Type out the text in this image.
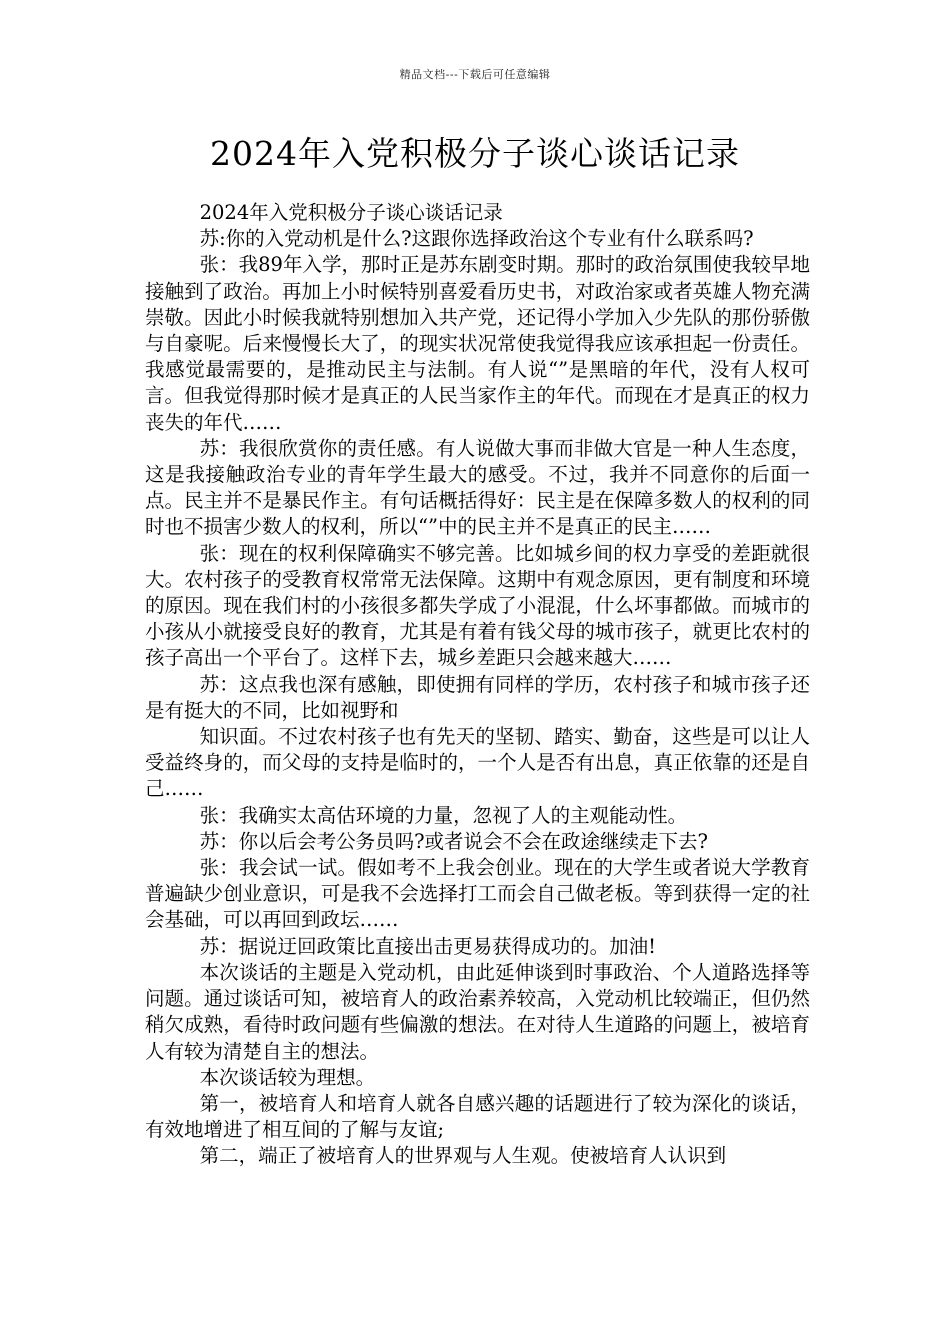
精品文档---下载后可任意编辑
2024年入党积极分子谈心谈话记录

2024年入党积极分子谈心谈话记录

苏:你的入党动机是什么?这跟你选择政治这个专业有什么联系吗?

张：我89年入学，那时正是苏东剧变时期。那时的政治氛围使我较早地接触到了政治。再加上小时候特别喜爱看历史书，对政治家或者英雄人物充满崇敬。因此小时候我就特别想加入共产党，还记得小学加入少先队的那份骄傲与自豪呢。后来慢慢长大了，的现实状况常使我觉得我应该承担起一份责任。我感觉最需要的，是推动民主与法制。有人说“”是黑暗的年代，没有人权可言。但我觉得那时候才是真正的人民当家作主的年代。而现在才是真正的权力丧失的年代……

苏：我很欣赏你的责任感。有人说做大事而非做大官是一种人生态度，这是我接触政治专业的青年学生最大的感受。不过，我并不同意你的后面一点。民主并不是暴民作主。有句话概括得好：民主是在保障多数人的权利的同时也不损害少数人的权利，所以“”中的民主并不是真正的民主……

张：现在的权利保障确实不够完善。比如城乡间的权力享受的差距就很大。农村孩子的受教育权常常无法保障。这期中有观念原因，更有制度和环境的原因。现在我们村的小孩很多都失学成了小混混，什么坏事都做。而城市的小孩从小就接受良好的教育，尤其是有着有钱父母的城市孩子，就更比农村的孩子高出一个平台了。这样下去，城乡差距只会越来越大……

苏：这点我也深有感触，即使拥有同样的学历，农村孩子和城市孩子还是有挺大的不同，比如视野和

知识面。不过农村孩子也有先天的坚韧、踏实、勤奋，这些是可以让人受益终身的，而父母的支持是临时的，一个人是否有出息，真正依靠的还是自己……

张：我确实太高估环境的力量，忽视了人的主观能动性。

苏：你以后会考公务员吗?或者说会不会在政途继续走下去?

张：我会试一试。假如考不上我会创业。现在的大学生或者说大学教育普遍缺少创业意识，可是我不会选择打工而会自己做老板。等到获得一定的社会基础，可以再回到政坛……

苏：据说迂回政策比直接出击更易获得成功的。加油!

本次谈话的主题是入党动机，由此延伸谈到时事政治、个人道路选择等问题。通过谈话可知，被培育人的政治素养较高，入党动机比较端正，但仍然稍欠成熟，看待时政问题有些偏激的想法。在对待人生道路的问题上，被培育人有较为清楚自主的想法。

本次谈话较为理想。

第一，被培育人和培育人就各自感兴趣的话题进行了较为深化的谈话，有效地增进了相互间的了解与友谊;

第二，端正了被培育人的世界观与人生观。使被培育人认识到
